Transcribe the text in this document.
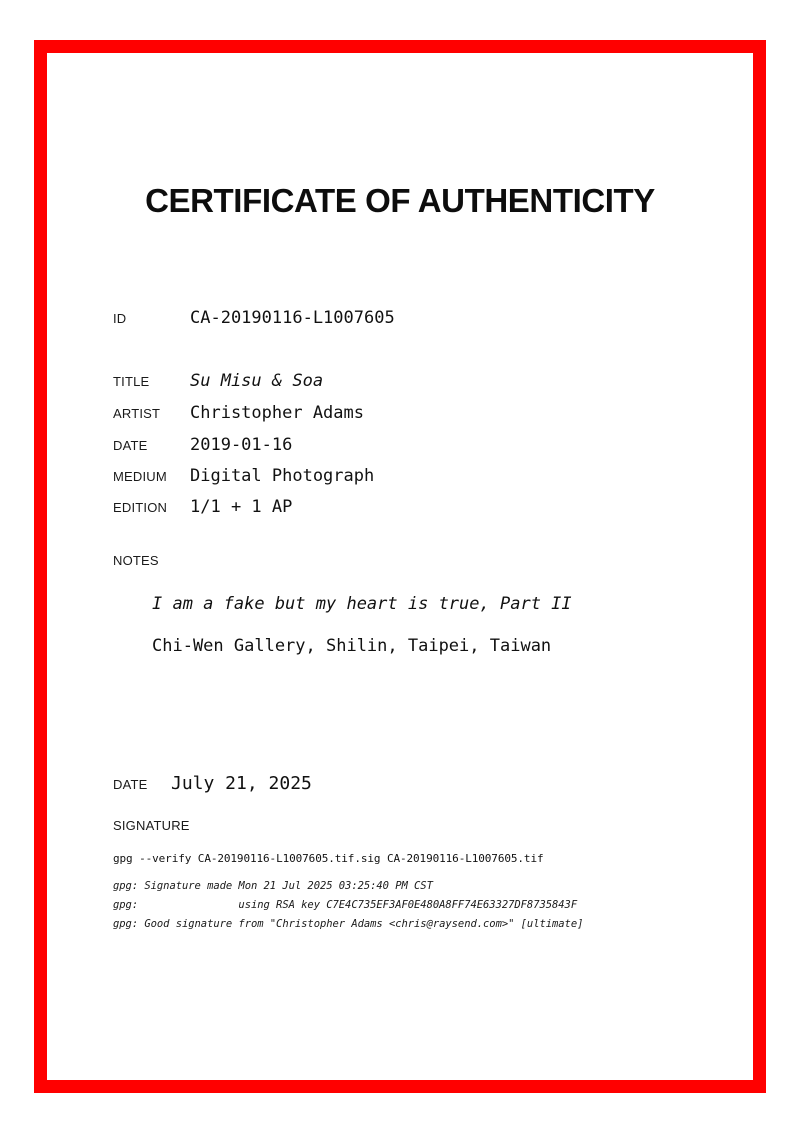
CERTIFICATE OF AUTHENTICITY
ID	CA-20190116-L1007605
TITLE	Su Misu & Soa
ARTIST	Christopher Adams
DATE	2019-01-16
MEDIUM	Digital Photograph
EDITION	1/1 + 1 AP
NOTES
I am a fake but my heart is true, Part II
Chi-Wen Gallery, Shilin, Taipei, Taiwan
DATE	July 21, 2025
SIGNATURE
gpg --verify CA-20190116-L1007605.tif.sig CA-20190116-L1007605.tif
gpg: Signature made Mon 21 Jul 2025 03:25:40 PM CST
gpg:                using RSA key C7E4C735EF3AF0E480A8FF74E63327DF8735843F
gpg: Good signature from "Christopher Adams <chris@raysend.com>" [ultimate]
